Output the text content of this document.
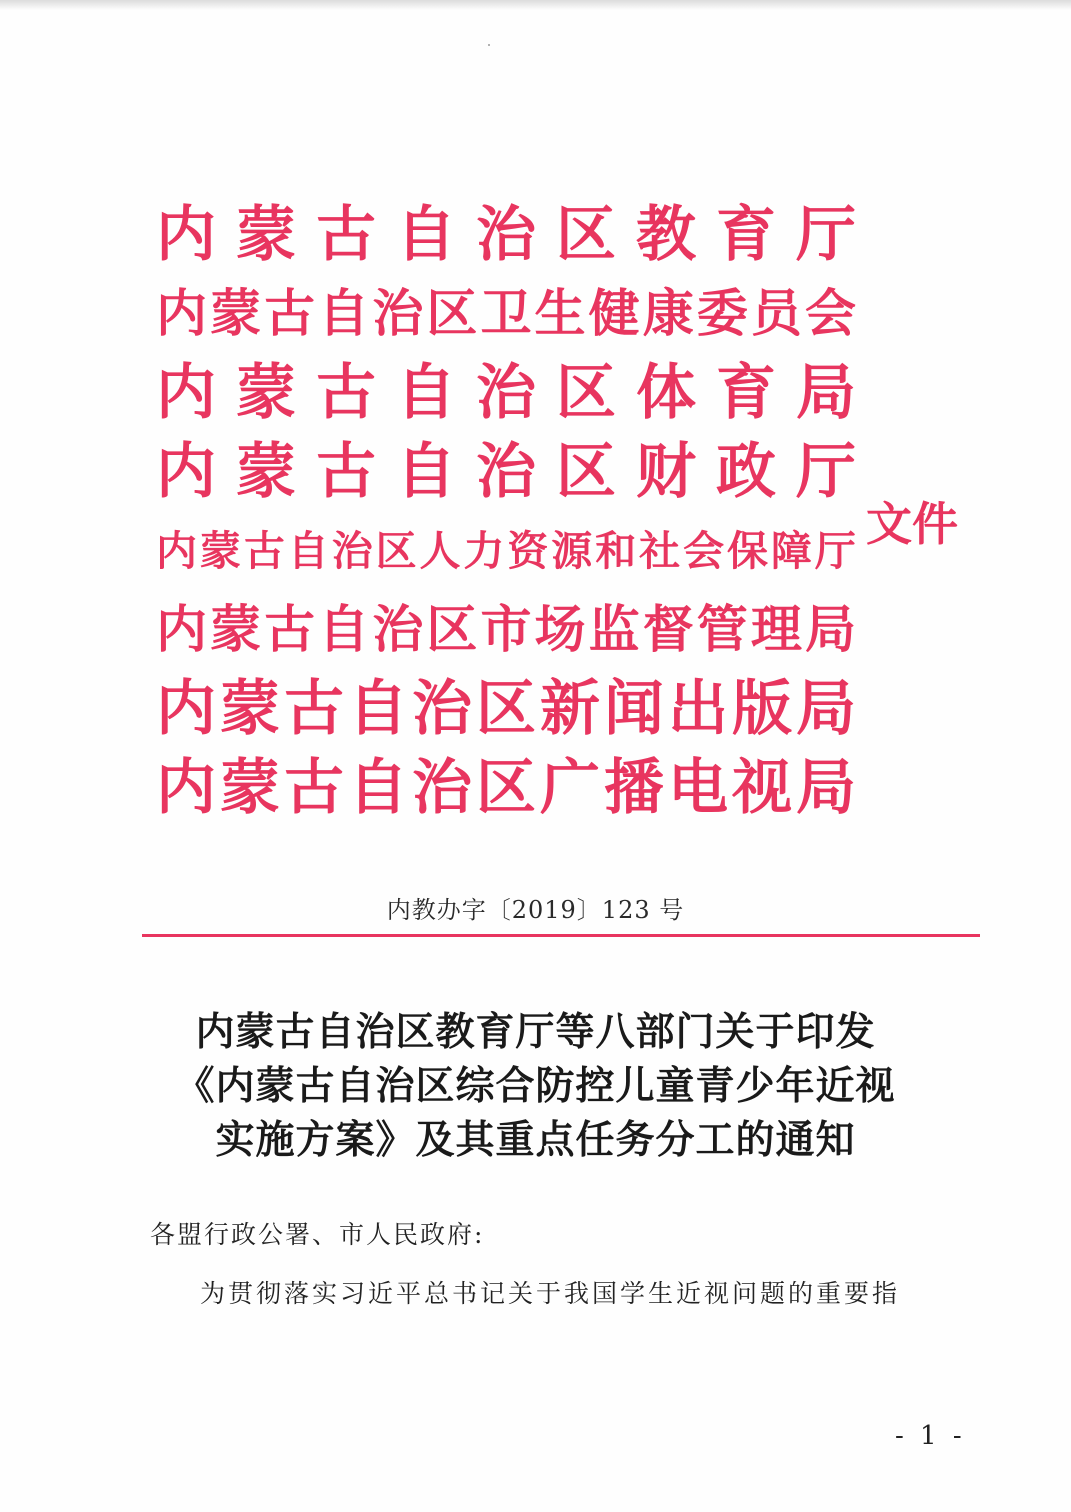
内 蒙 古 自 治 区 教 育 厅
内 蒙 古 自 治 区 卫 生 健 康 委 员 会
内 蒙 古 自 治 区 体 育 局
内 蒙 古 自 治 区 财 政 厅
内 蒙 古 自 治 区 人 力 资 源 和 社 会 保 障 厅
内 蒙 古 自 治 区 市 场 监 督 管 理 局
内 蒙 古 自 治 区 新 闻 出 版 局
内 蒙 古 自 治 区 广 播 电 视 局
文件
内教办字〔2019〕123 号
内蒙古自治区教育厅等八部门关于印发
《内蒙古自治区综合防控儿童青少年近视
实施方案》及其重点任务分工的通知
各盟行政公署、市人民政府:
为贯彻落实习近平总书记关于我国学生近视问题的重要指
- 1 -
